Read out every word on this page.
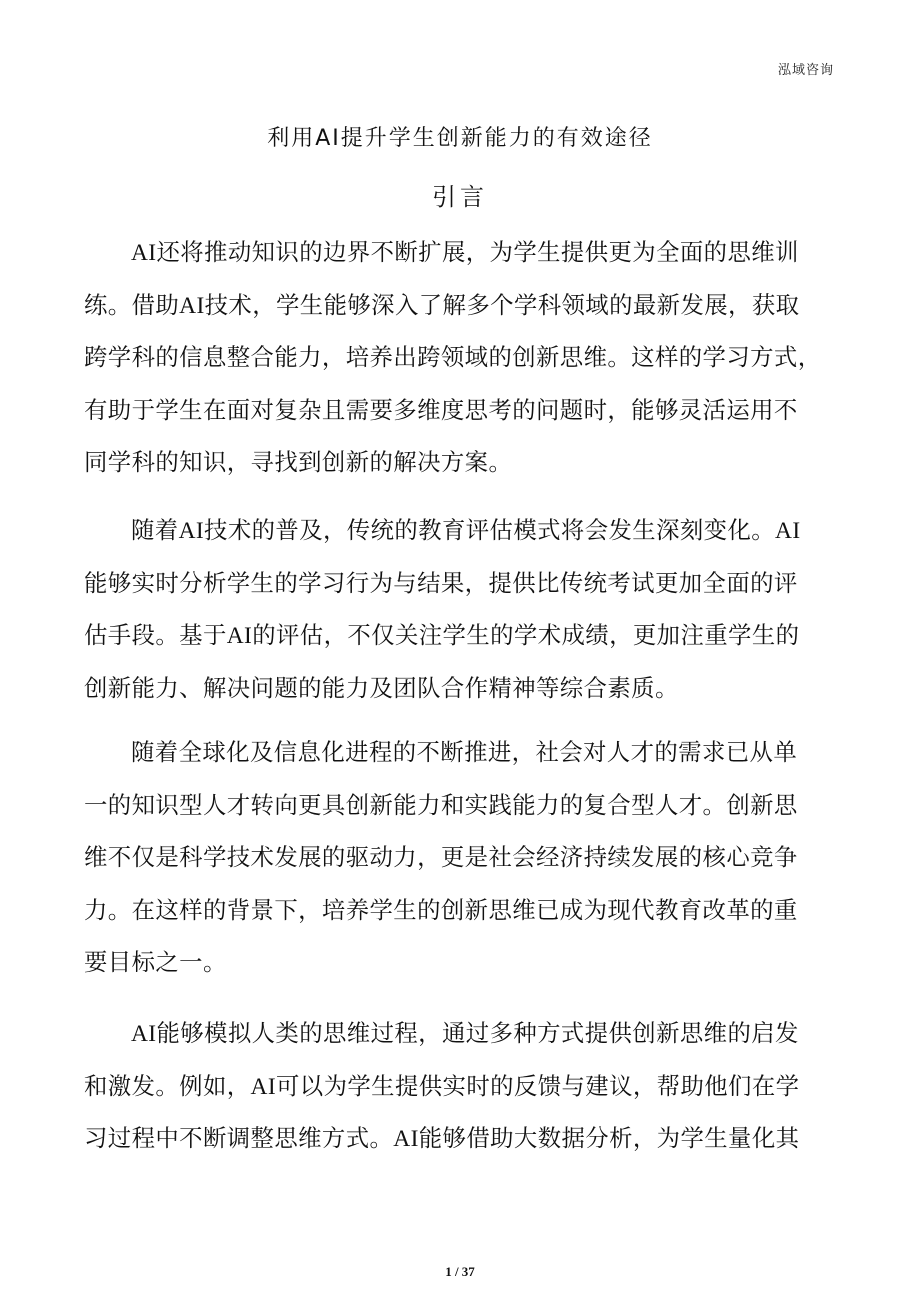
泓域咨询
利用AI提升学生创新能力的有效途径
引言

AI还将推动知识的边界不断扩展，为学生提供更为全面的思维训
练。借助AI技术，学生能够深入了解多个学科领域的最新发展，获取
跨学科的信息整合能力，培养出跨领域的创新思维。这样的学习方式，
有助于学生在面对复杂且需要多维度思考的问题时，能够灵活运用不
同学科的知识，寻找到创新的解决方案。

随着AI技术的普及，传统的教育评估模式将会发生深刻变化。AI
能够实时分析学生的学习行为与结果，提供比传统考试更加全面的评
估手段。基于AI的评估，不仅关注学生的学术成绩，更加注重学生的
创新能力、解决问题的能力及团队合作精神等综合素质。

随着全球化及信息化进程的不断推进，社会对人才的需求已从单
一的知识型人才转向更具创新能力和实践能力的复合型人才。创新思
维不仅是科学技术发展的驱动力，更是社会经济持续发展的核心竞争
力。在这样的背景下，培养学生的创新思维已成为现代教育改革的重
要目标之一。

AI能够模拟人类的思维过程，通过多种方式提供创新思维的启发
和激发。例如，AI可以为学生提供实时的反馈与建议，帮助他们在学
习过程中不断调整思维方式。AI能够借助大数据分析，为学生量化其

1 / 37
